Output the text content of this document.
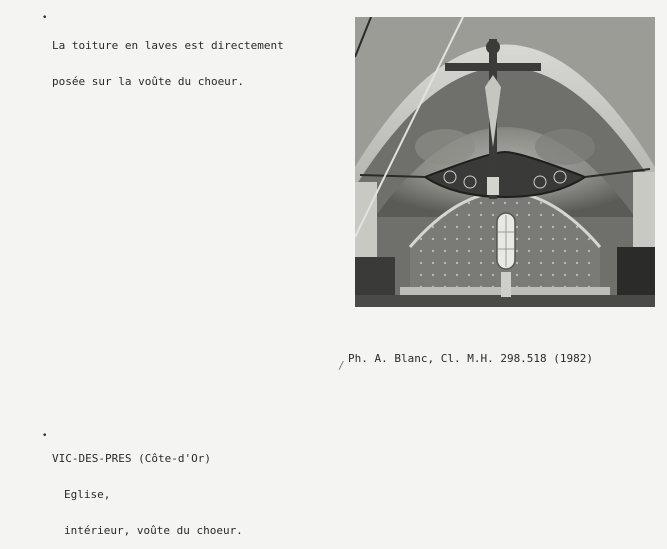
•

La toiture en laves est directement

posée sur la voûte du choeur.

/
Ph. A. Blanc, Cl. M.H. 298.518 (1982)
•

VIC-DES-PRES (Côte-d'Or)

Eglise,

intérieur, voûte du choeur.
